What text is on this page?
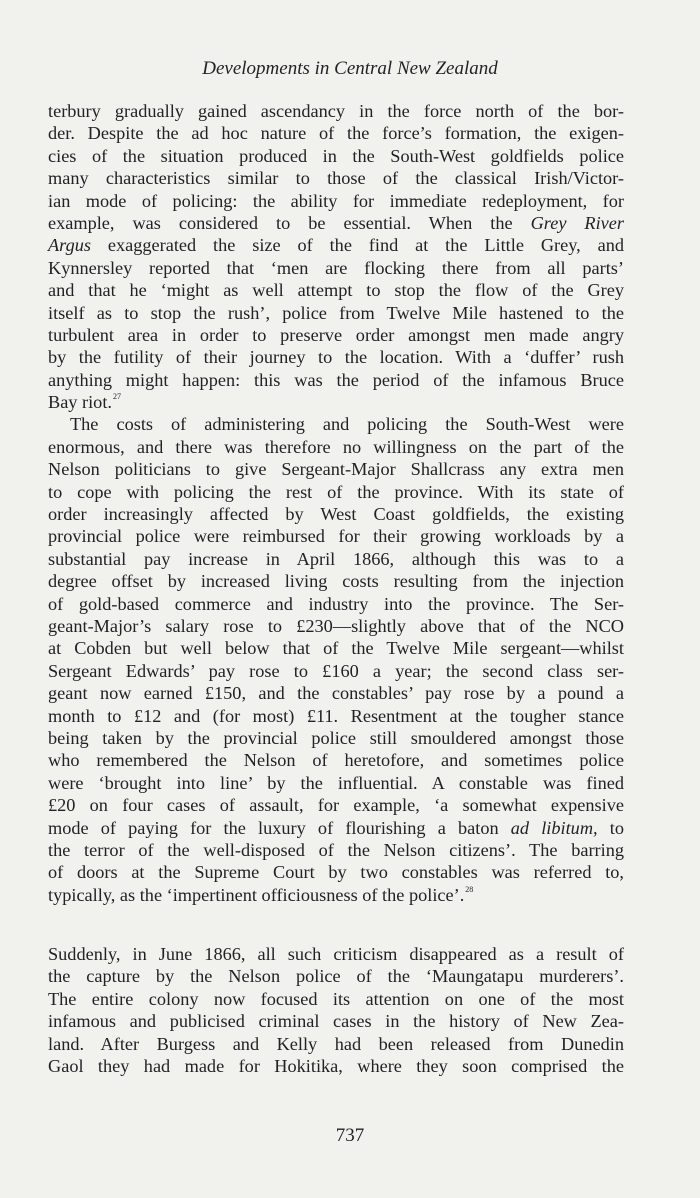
Developments in Central New Zealand
terbury gradually gained ascendancy in the force north of the bor-
der. Despite the ad hoc nature of the force’s formation, the exigen-
cies of the situation produced in the South-West goldfields police
many characteristics similar to those of the classical Irish/Victor-
ian mode of policing: the ability for immediate redeployment, for
example, was considered to be essential. When the Grey River
Argus exaggerated the size of the find at the Little Grey, and
Kynnersley reported that ‘men are flocking there from all parts’
and that he ‘might as well attempt to stop the flow of the Grey
itself as to stop the rush’, police from Twelve Mile hastened to the
turbulent area in order to preserve order amongst men made angry
by the futility of their journey to the location. With a ‘duffer’ rush
anything might happen: this was the period of the infamous Bruce
Bay riot.$^{27}$
The costs of administering and policing the South-West were
enormous, and there was therefore no willingness on the part of the
Nelson politicians to give Sergeant-Major Shallcrass any extra men
to cope with policing the rest of the province. With its state of
order increasingly affected by West Coast goldfields, the existing
provincial police were reimbursed for their growing workloads by a
substantial pay increase in April 1866, although this was to a
degree offset by increased living costs resulting from the injection
of gold-based commerce and industry into the province. The Ser-
geant-Major’s salary rose to £230—slightly above that of the NCO
at Cobden but well below that of the Twelve Mile sergeant—whilst
Sergeant Edwards’ pay rose to £160 a year; the second class ser-
geant now earned £150, and the constables’ pay rose by a pound a
month to £12 and (for most) £11. Resentment at the tougher stance
being taken by the provincial police still smouldered amongst those
who remembered the Nelson of heretofore, and sometimes police
were ‘brought into line’ by the influential. A constable was fined
£20 on four cases of assault, for example, ‘a somewhat expensive
mode of paying for the luxury of flourishing a baton ad libitum, to
the terror of the well-disposed of the Nelson citizens’. The barring
of doors at the Supreme Court by two constables was referred to,
typically, as the ‘impertinent officiousness of the police’.$^{28}$
Suddenly, in June 1866, all such criticism disappeared as a result of
the capture by the Nelson police of the ‘Maungatapu murderers’.
The entire colony now focused its attention on one of the most
infamous and publicised criminal cases in the history of New Zea-
land. After Burgess and Kelly had been released from Dunedin
Gaol they had made for Hokitika, where they soon comprised the
737
